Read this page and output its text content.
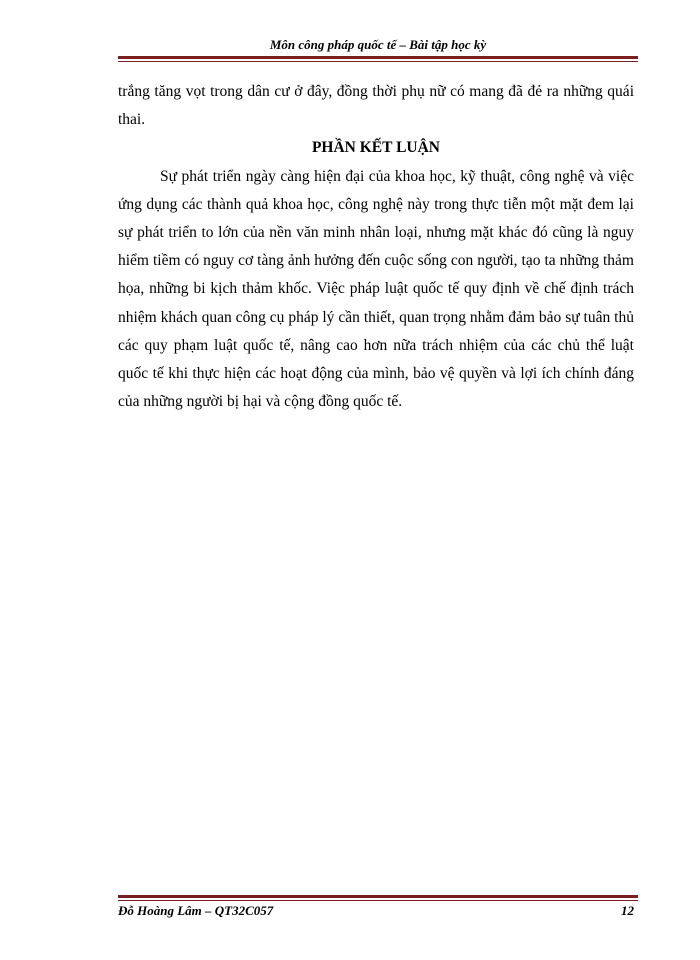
Môn công pháp quốc tế – Bài tập học kỳ

trắng tăng vọt trong dân cư ở đây, đồng thời phụ nữ có mang đã đẻ ra những quái thai.

PHẦN KẾT LUẬN

Sự phát triển ngày càng hiện đại của khoa học, kỹ thuật, công nghệ và việc ứng dụng các thành quả khoa học, công nghệ này trong thực tiễn một mặt đem lại sự phát triển to lớn của nền văn minh nhân loại, nhưng mặt khác đó cũng là nguy hiểm tiềm có nguy cơ tàng ảnh hưởng đến cuộc sống con người, tạo ta những thảm họa, những bi kịch thảm khốc. Việc pháp luật quốc tế quy định về chế định trách nhiệm khách quan công cụ pháp lý cần thiết, quan trọng nhằm đảm bảo sự tuân thủ các quy phạm luật quốc tế, nâng cao hơn nữa trách nhiệm của các chủ thể luật quốc tế khi thực hiện các hoạt động của mình, bảo vệ quyền và lợi ích chính đáng của những người bị hại và cộng đồng quốc tế.

Đỗ Hoàng Lâm – QT32C057	12
